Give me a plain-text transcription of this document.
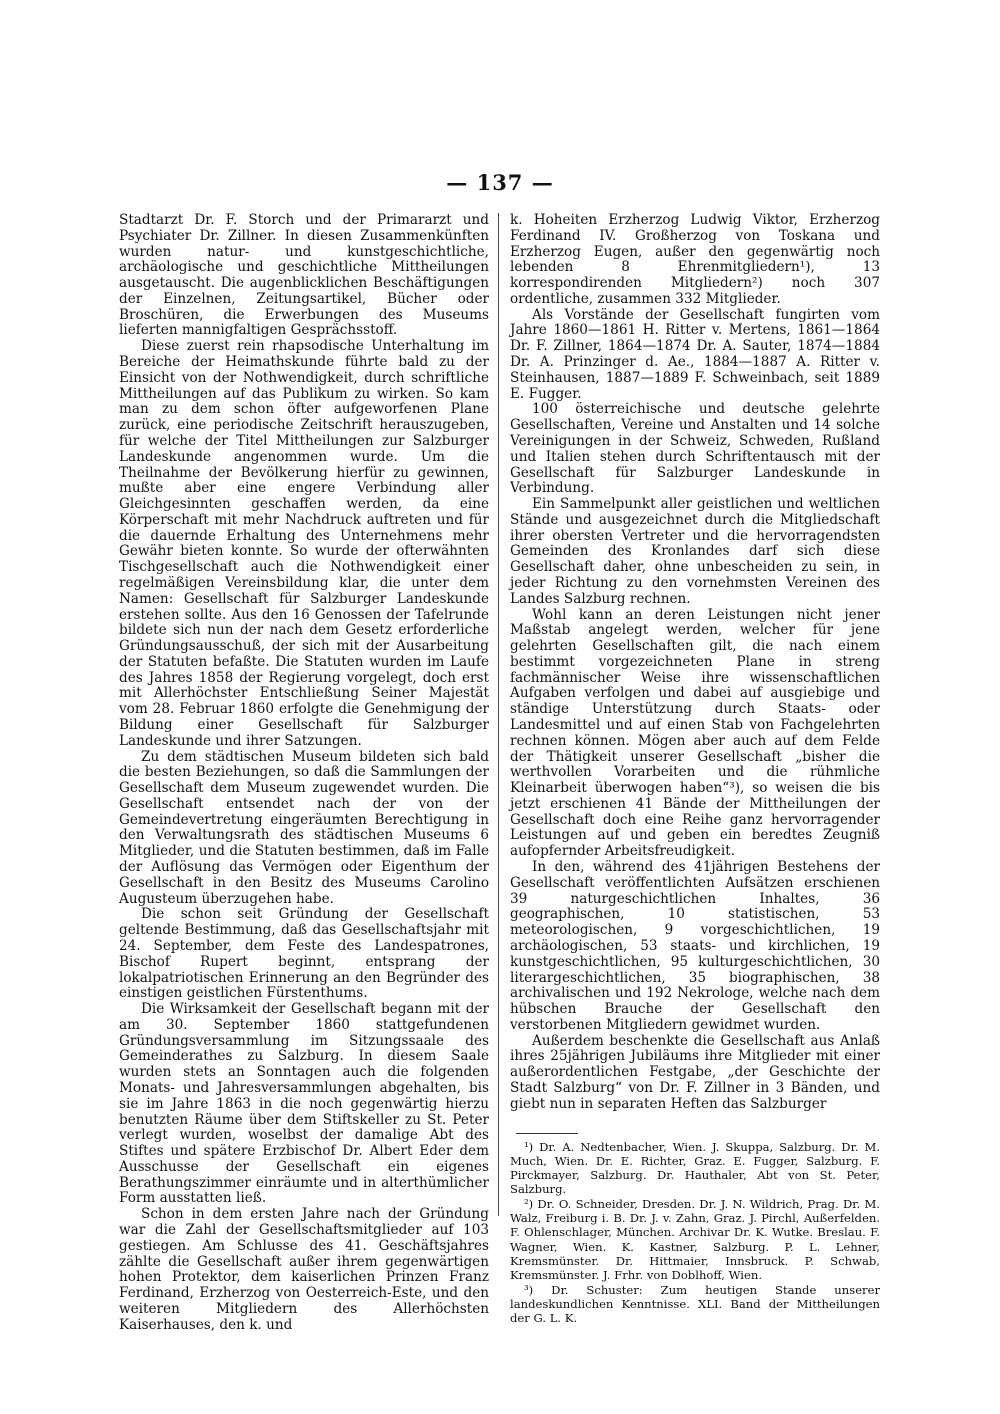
— 137 —

Stadtarzt Dr. F. Storch und der Primararzt und Psychiater Dr. Zillner. In diesen Zusammenkünften wurden natur- und kunstgeschichtliche, archäologische und geschichtliche Mittheilungen ausgetauscht. Die augenblicklichen Beschäftigungen der Einzelnen, Zeitungsartikel, Bücher oder Broschüren, die Erwerbungen des Museums lieferten mannigfaltigen Gesprächsstoff.

Diese zuerst rein rhapsodische Unterhaltung im Bereiche der Heimathskunde führte bald zu der Einsicht von der Nothwendigkeit, durch schriftliche Mittheilungen auf das Publikum zu wirken. So kam man zu dem schon öfter aufgeworfenen Plane zurück, eine periodische Zeitschrift herauszugeben, für welche der Titel Mittheilungen zur Salzburger Landeskunde angenommen wurde. Um die Theilnahme der Bevölkerung hierfür zu gewinnen, mußte aber eine engere Verbindung aller Gleichgesinnten geschaffen werden, da eine Körperschaft mit mehr Nachdruck auftreten und für die dauernde Erhaltung des Unternehmens mehr Gewähr bieten konnte. So wurde der ofterwähnten Tischgesellschaft auch die Nothwendigkeit einer regelmäßigen Vereinsbildung klar, die unter dem Namen: Gesellschaft für Salzburger Landeskunde erstehen sollte. Aus den 16 Genossen der Tafelrunde bildete sich nun der nach dem Gesetz erforderliche Gründungsausschuß, der sich mit der Ausarbeitung der Statuten befaßte. Die Statuten wurden im Laufe des Jahres 1858 der Regierung vorgelegt, doch erst mit Allerhöchster Entschließung Seiner Majestät vom 28. Februar 1860 erfolgte die Genehmigung der Bildung einer Gesellschaft für Salzburger Landeskunde und ihrer Satzungen.

Zu dem städtischen Museum bildeten sich bald die besten Beziehungen, so daß die Sammlungen der Gesellschaft dem Museum zugewendet wurden. Die Gesellschaft entsendet nach der von der Gemeindevertretung eingeräumten Berechtigung in den Verwaltungsrath des städtischen Museums 6 Mitglieder, und die Statuten bestimmen, daß im Falle der Auflösung das Vermögen oder Eigenthum der Gesellschaft in den Besitz des Museums Carolino Augusteum überzugehen habe.

Die schon seit Gründung der Gesellschaft geltende Bestimmung, daß das Gesellschaftsjahr mit 24. September, dem Feste des Landespatrones, Bischof Rupert beginnt, entsprang der lokalpatriotischen Erinnerung an den Begründer des einstigen geistlichen Fürstenthums.

Die Wirksamkeit der Gesellschaft begann mit der am 30. September 1860 stattgefundenen Gründungsversammlung im Sitzungssaale des Gemeinderathes zu Salzburg. In diesem Saale wurden stets an Sonntagen auch die folgenden Monats- und Jahresversammlungen abgehalten, bis sie im Jahre 1863 in die noch gegenwärtig hierzu benutzten Räume über dem Stiftskeller zu St. Peter verlegt wurden, woselbst der damalige Abt des Stiftes und spätere Erzbischof Dr. Albert Eder dem Ausschusse der Gesellschaft ein eigenes Berathungszimmer einräumte und in alterthümlicher Form ausstatten ließ.

Schon in dem ersten Jahre nach der Gründung war die Zahl der Gesellschaftsmitglieder auf 103 gestiegen. Am Schlusse des 41. Geschäftsjahres zählte die Gesellschaft außer ihrem gegenwärtigen hohen Protektor, dem kaiserlichen Prinzen Franz Ferdinand, Erzherzog von Oesterreich-Este, und den weiteren Mitgliedern des Allerhöchsten Kaiserhauses, den k. und

k. Hoheiten Erzherzog Ludwig Viktor, Erzherzog Ferdinand IV. Großherzog von Toskana und Erzherzog Eugen, außer den gegenwärtig noch lebenden 8 Ehrenmitgliedern¹), 13 korrespondirenden Mitgliedern²) noch 307 ordentliche, zusammen 332 Mitglieder.

Als Vorstände der Gesellschaft fungirten vom Jahre 1860—1861 H. Ritter v. Mertens, 1861—1864 Dr. F. Zillner, 1864—1874 Dr. A. Sauter, 1874—1884 Dr. A. Prinzinger d. Ae., 1884—1887 A. Ritter v. Steinhausen, 1887—1889 F. Schweinbach, seit 1889 E. Fugger.

100 österreichische und deutsche gelehrte Gesellschaften, Vereine und Anstalten und 14 solche Vereinigungen in der Schweiz, Schweden, Rußland und Italien stehen durch Schriftentausch mit der Gesellschaft für Salzburger Landeskunde in Verbindung.

Ein Sammelpunkt aller geistlichen und weltlichen Stände und ausgezeichnet durch die Mitgliedschaft ihrer obersten Vertreter und die hervorragendsten Gemeinden des Kronlandes darf sich diese Gesellschaft daher, ohne unbescheiden zu sein, in jeder Richtung zu den vornehmsten Vereinen des Landes Salzburg rechnen.

Wohl kann an deren Leistungen nicht jener Maßstab angelegt werden, welcher für jene gelehrten Gesellschaften gilt, die nach einem bestimmt vorgezeichneten Plane in streng fachmännischer Weise ihre wissenschaftlichen Aufgaben verfolgen und dabei auf ausgiebige und ständige Unterstützung durch Staats- oder Landesmittel und auf einen Stab von Fachgelehrten rechnen können. Mögen aber auch auf dem Felde der Thätigkeit unserer Gesellschaft „bisher die werthvollen Vorarbeiten und die rühmliche Kleinarbeit überwogen haben“³), so weisen die bis jetzt erschienen 41 Bände der Mittheilungen der Gesellschaft doch eine Reihe ganz hervorragender Leistungen auf und geben ein beredtes Zeugniß aufopfernder Arbeitsfreudigkeit.

In den, während des 41jährigen Bestehens der Gesellschaft veröffentlichten Aufsätzen erschienen 39 naturgeschichtlichen Inhaltes, 36 geographischen, 10 statistischen, 53 meteorologischen, 9 vorgeschichtlichen, 19 archäologischen, 53 staats- und kirchlichen, 19 kunstgeschichtlichen, 95 kulturgeschichtlichen, 30 literargeschichtlichen, 35 biographischen, 38 archivalischen und 192 Nekrologe, welche nach dem hübschen Brauche der Gesellschaft den verstorbenen Mitgliedern gewidmet wurden.

Außerdem beschenkte die Gesellschaft aus Anlaß ihres 25jährigen Jubiläums ihre Mitglieder mit einer außerordentlichen Festgabe, „der Geschichte der Stadt Salzburg“ von Dr. F. Zillner in 3 Bänden, und giebt nun in separaten Heften das Salzburger

¹) Dr. A. Nedtenbacher, Wien. J. Skuppa, Salzburg. Dr. M. Much, Wien. Dr. E. Richter, Graz. E. Fugger, Salzburg. F. Pirckmayer, Salzburg. Dr. Hauthaler, Abt von St. Peter, Salzburg.

²) Dr. O. Schneider, Dresden. Dr. J. N. Wildrich, Prag. Dr. M. Walz, Freiburg i. B. Dr. J. v. Zahn, Graz. J. Pirchl, Außerfelden. F. Ohlenschlager, München. Archivar Dr. K. Wutke. Breslau. F. Wagner, Wien. K. Kastner, Salzburg. P. L. Lehner, Kremsmünster. Dr. Hittmaier, Innsbruck. P. Schwab, Kremsmünster. J. Frhr. von Doblhoff, Wien.

³) Dr. Schuster: Zum heutigen Stande unserer landeskundlichen Kenntnisse. XLI. Band der Mittheilungen der G. L. K.
